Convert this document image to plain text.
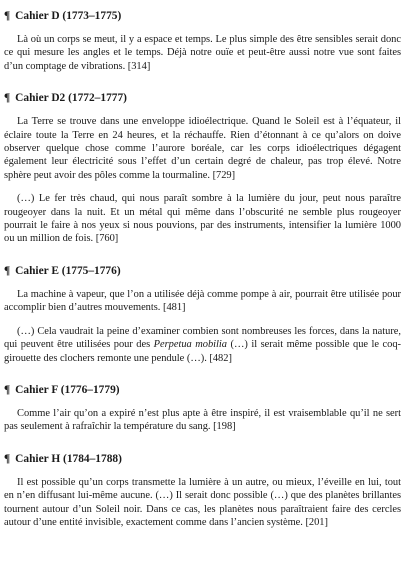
¶ Cahier D (1773–1775)

Là où un corps se meut, il y a espace et temps. Le plus simple des être sensibles serait donc ce qui mesure les angles et le temps. Déjà notre ouïe et peut-être aussi notre vue sont faites d’un comptage de vibrations. [314]

¶ Cahier D2 (1772–1777)

La Terre se trouve dans une enveloppe idioélectrique. Quand le Soleil est à l’équateur, il éclaire toute la Terre en 24 heures, et la réchauffe. Rien d’étonnant à ce qu’alors on doive observer quelque chose comme l’aurore boréale, car les corps idioélectriques dégagent également leur électricité sous l’effet d’un certain degré de chaleur, pas trop élevé. Notre sphère peut avoir des pôles comme la tourmaline. [729]

(…) Le fer très chaud, qui nous paraît sombre à la lumière du jour, peut nous paraître rougeoyer dans la nuit. Et un métal qui même dans l’obscurité ne semble plus rougeoyer pourrait le faire à nos yeux si nous pouvions, par des instruments, intensifier la lumière 1000 ou un million de fois. [760]

¶ Cahier E (1775–1776)

La machine à vapeur, que l’on a utilisée déjà comme pompe à air, pourrait être utilisée pour accomplir bien d’autres mouvements. [481]

(…) Cela vaudrait la peine d’examiner combien sont nombreuses les forces, dans la nature, qui peuvent être utilisées pour des Perpetua mobilia (…) il serait même possible que le coq-girouette des clochers remonte une pendule (…). [482]

¶ Cahier F (1776–1779)

Comme l’air qu’on a expiré n’est plus apte à être inspiré, il est vraisemblable qu’il ne sert pas seulement à rafraîchir la température du sang. [198]

¶ Cahier H (1784–1788)

Il est possible qu’un corps transmette la lumière à un autre, ou mieux, l’éveille en lui, tout en n’en diffusant lui-même aucune. (…) Il serait donc possible (…) que des planètes brillantes tournent autour d’un Soleil noir. Dans ce cas, les planètes nous paraîtraient faire des cercles autour d’une entité invisible, exactement comme dans l’ancien système. [201]
